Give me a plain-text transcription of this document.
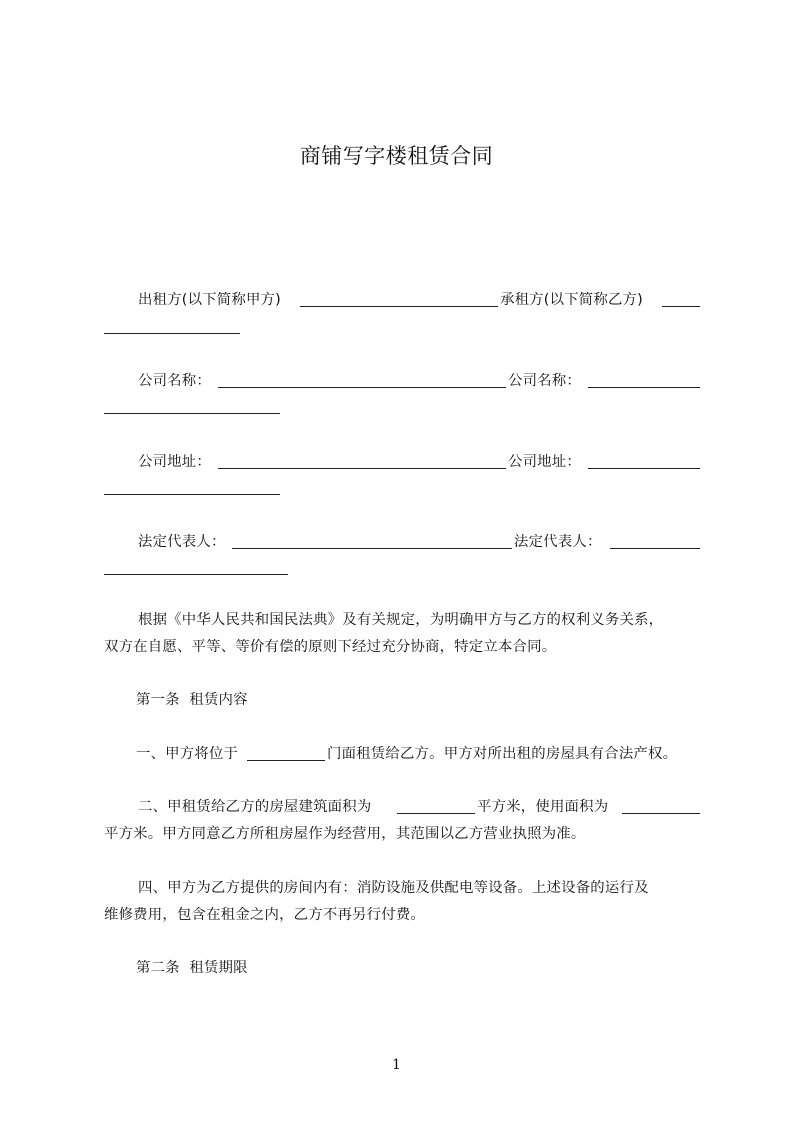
商铺写字楼租赁合同
出租方(以下简称甲方)	承租方(以下简称乙方)
公司名称：	公司名称：
公司地址：	公司地址：
法定代表人：	法定代表人：
根据《中华人民共和国民法典》及有关规定，为明确甲方与乙方的权利义务关系，
双方在自愿、平等、等价有偿的原则下经过充分协商，特定立本合同。
第一条  租赁内容
一、甲方将位于	门面租赁给乙方。甲方对所出租的房屋具有合法产权。
二、甲租赁给乙方的房屋建筑面积为	平方米，使用面积为
平方米。甲方同意乙方所租房屋作为经营用，其范围以乙方营业执照为准。
四、甲方为乙方提供的房间内有：消防设施及供配电等设备。上述设备的运行及
维修费用，包含在租金之内，乙方不再另行付费。
第二条  租赁期限
1
